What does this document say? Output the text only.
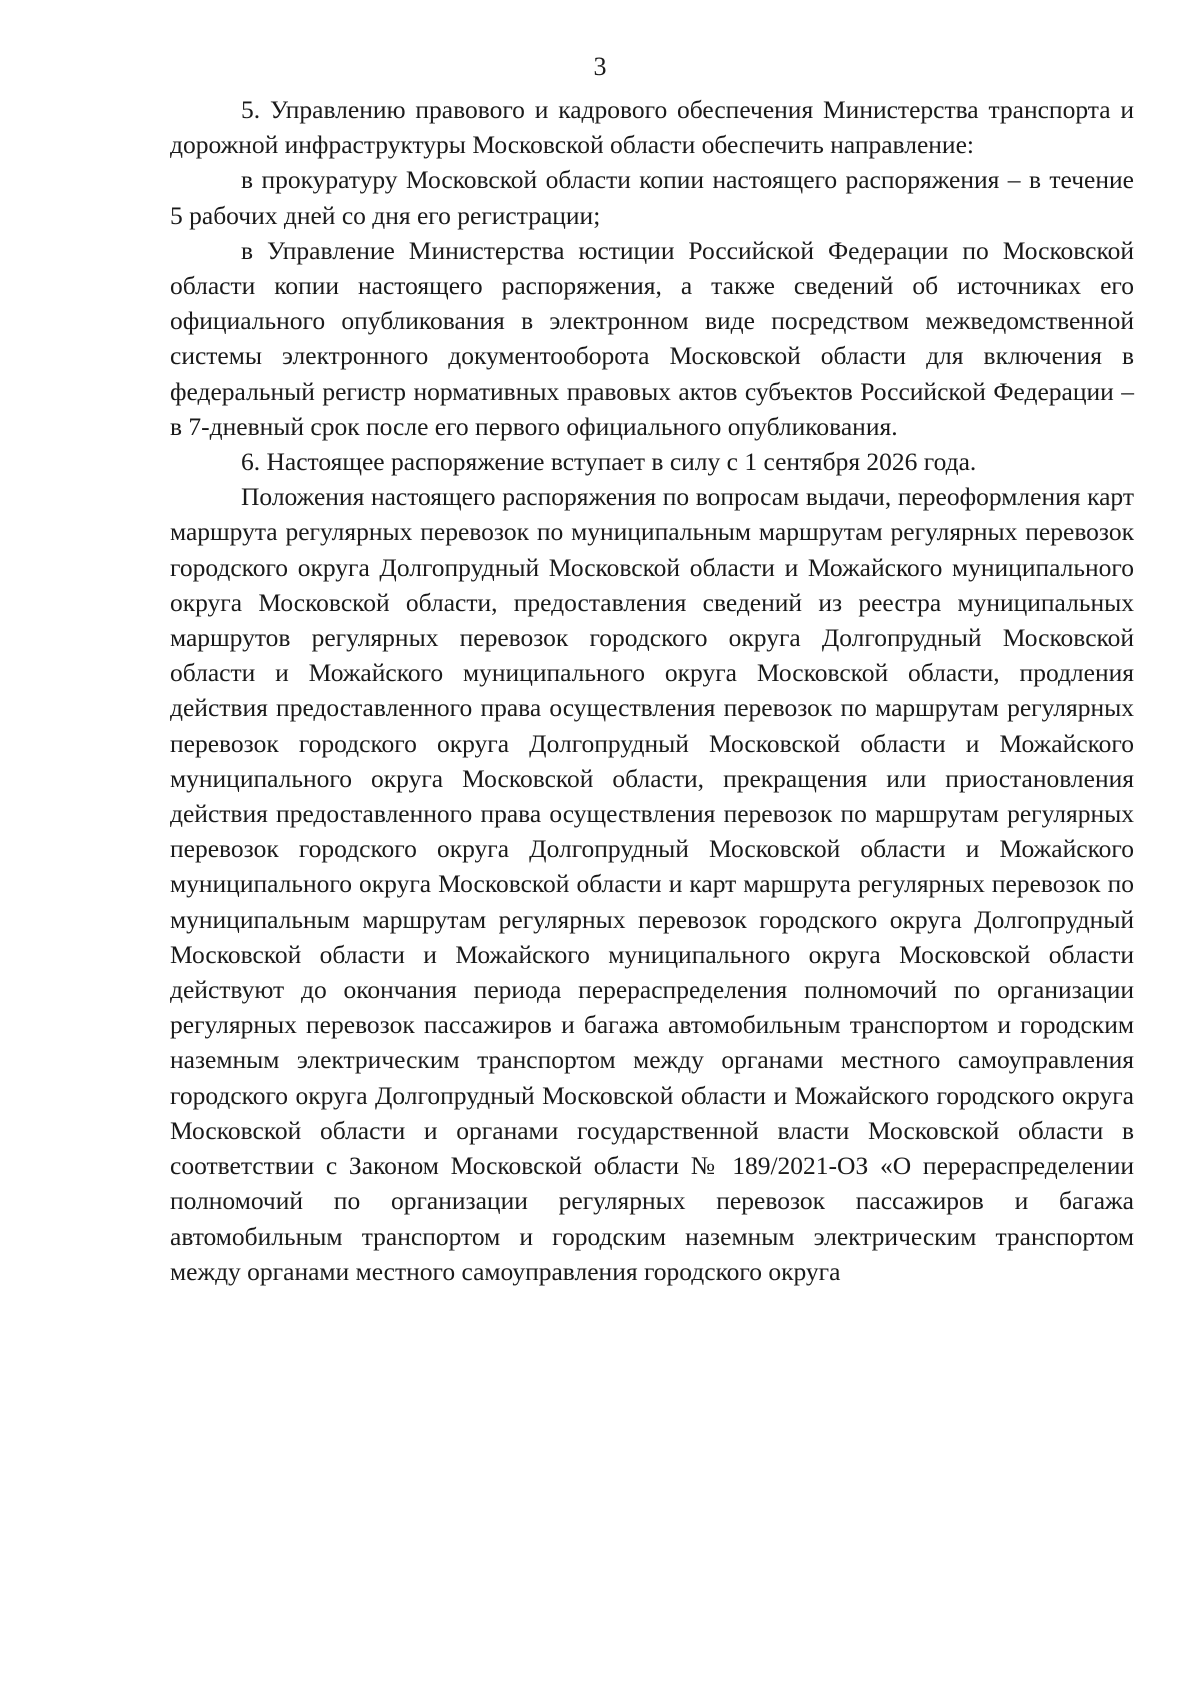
3

5. Управлению правового и кадрового обеспечения Министерства транспорта и дорожной инфраструктуры Московской области обеспечить направление:

в прокуратуру Московской области копии настоящего распоряжения – в течение 5 рабочих дней со дня его регистрации;

в Управление Министерства юстиции Российской Федерации по Московской области копии настоящего распоряжения, а также сведений об источниках его официального опубликования в электронном виде посредством межведомственной системы электронного документооборота Московской области для включения в федеральный регистр нормативных правовых актов субъектов Российской Федерации – в 7-дневный срок после его первого официального опубликования.

6. Настоящее распоряжение вступает в силу с 1 сентября 2026 года.

Положения настоящего распоряжения по вопросам выдачи, переоформления карт маршрута регулярных перевозок по муниципальным маршрутам регулярных перевозок городского округа Долгопрудный Московской области и Можайского муниципального округа Московской области, предоставления сведений из реестра муниципальных маршрутов регулярных перевозок городского округа Долгопрудный Московской области и Можайского муниципального округа Московской области, продления действия предоставленного права осуществления перевозок по маршрутам регулярных перевозок городского округа Долгопрудный Московской области и Можайского муниципального округа Московской области, прекращения или приостановления действия предоставленного права осуществления перевозок по маршрутам регулярных перевозок городского округа Долгопрудный Московской области и Можайского муниципального округа Московской области и карт маршрута регулярных перевозок по муниципальным маршрутам регулярных перевозок городского округа Долгопрудный Московской области и Можайского муниципального округа Московской области действуют до окончания периода перераспределения полномочий по организации регулярных перевозок пассажиров и багажа автомобильным транспортом и городским наземным электрическим транспортом между органами местного самоуправления городского округа Долгопрудный Московской области и Можайского городского округа Московской области и органами государственной власти Московской области в соответствии с Законом Московской области № 189/2021-ОЗ «О перераспределении полномочий по организации регулярных перевозок пассажиров и багажа автомобильным транспортом и городским наземным электрическим транспортом между органами местного самоуправления городского округа
